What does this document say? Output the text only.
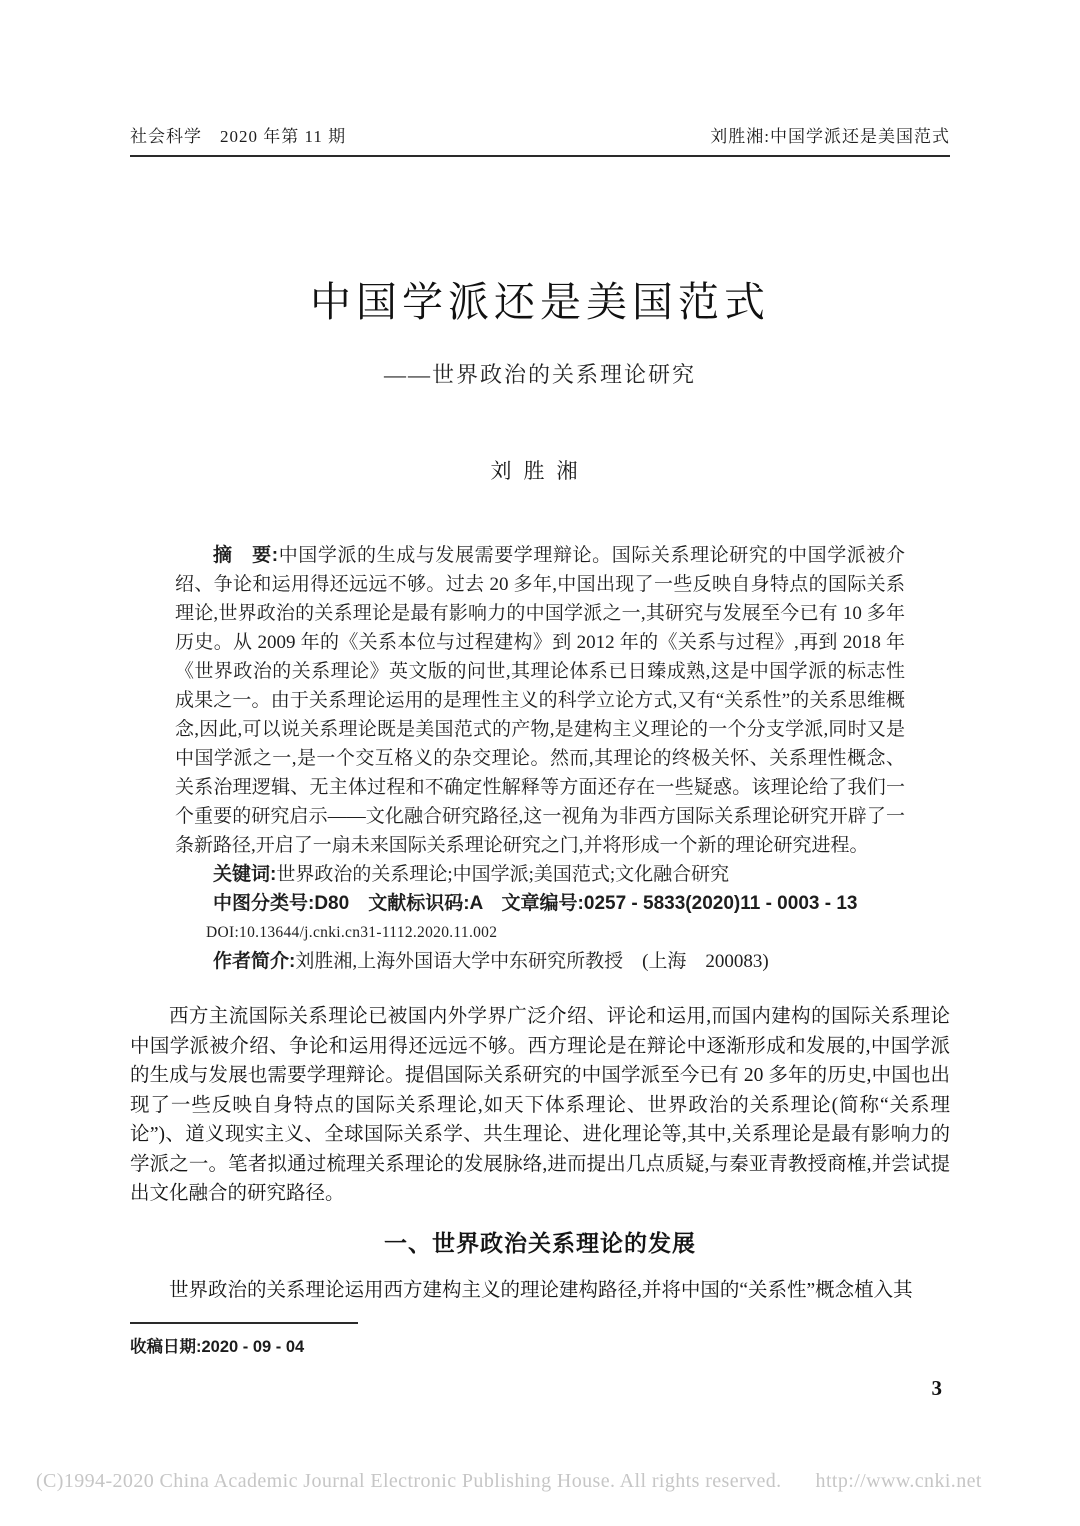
社会科学　2020 年第 11 期	刘胜湘:中国学派还是美国范式
中国学派还是美国范式
——世界政治的关系理论研究
刘胜湘

摘　要:中国学派的生成与发展需要学理辩论。国际关系理论研究的中国学派被介绍、争论和运用得还远远不够。过去 20 多年,中国出现了一些反映自身特点的国际关系理论,世界政治的关系理论是最有影响力的中国学派之一,其研究与发展至今已有 10 多年历史。从 2009 年的《关系本位与过程建构》到 2012 年的《关系与过程》,再到 2018 年《世界政治的关系理论》英文版的问世,其理论体系已日臻成熟,这是中国学派的标志性成果之一。由于关系理论运用的是理性主义的科学立论方式,又有“关系性”的关系思维概念,因此,可以说关系理论既是美国范式的产物,是建构主义理论的一个分支学派,同时又是中国学派之一,是一个交互格义的杂交理论。然而,其理论的终极关怀、关系理性概念、关系治理逻辑、无主体过程和不确定性解释等方面还存在一些疑惑。该理论给了我们一个重要的研究启示——文化融合研究路径,这一视角为非西方国际关系理论研究开辟了一条新路径,开启了一扇未来国际关系理论研究之门,并将形成一个新的理论研究进程。

关键词:世界政治的关系理论;中国学派;美国范式;文化融合研究

中图分类号:D80　文献标识码:A　文章编号:0257 - 5833(2020)11 - 0003 - 13

DOI:10.13644/j.cnki.cn31-1112.2020.11.002

作者简介:刘胜湘,上海外国语大学中东研究所教授　(上海　200083)

西方主流国际关系理论已被国内外学界广泛介绍、评论和运用,而国内建构的国际关系理论中国学派被介绍、争论和运用得还远远不够。西方理论是在辩论中逐渐形成和发展的,中国学派的生成与发展也需要学理辩论。提倡国际关系研究的中国学派至今已有 20 多年的历史,中国也出现了一些反映自身特点的国际关系理论,如天下体系理论、世界政治的关系理论(简称“关系理论”)、道义现实主义、全球国际关系学、共生理论、进化理论等,其中,关系理论是最有影响力的学派之一。笔者拟通过梳理关系理论的发展脉络,进而提出几点质疑,与秦亚青教授商榷,并尝试提出文化融合的研究路径。

一、世界政治关系理论的发展

世界政治的关系理论运用西方建构主义的理论建构路径,并将中国的“关系性”概念植入其

收稿日期:2020 - 09 - 04
3
(C)1994-2020 China Academic Journal Electronic Publishing House. All rights reserved. http://www.cnki.net
